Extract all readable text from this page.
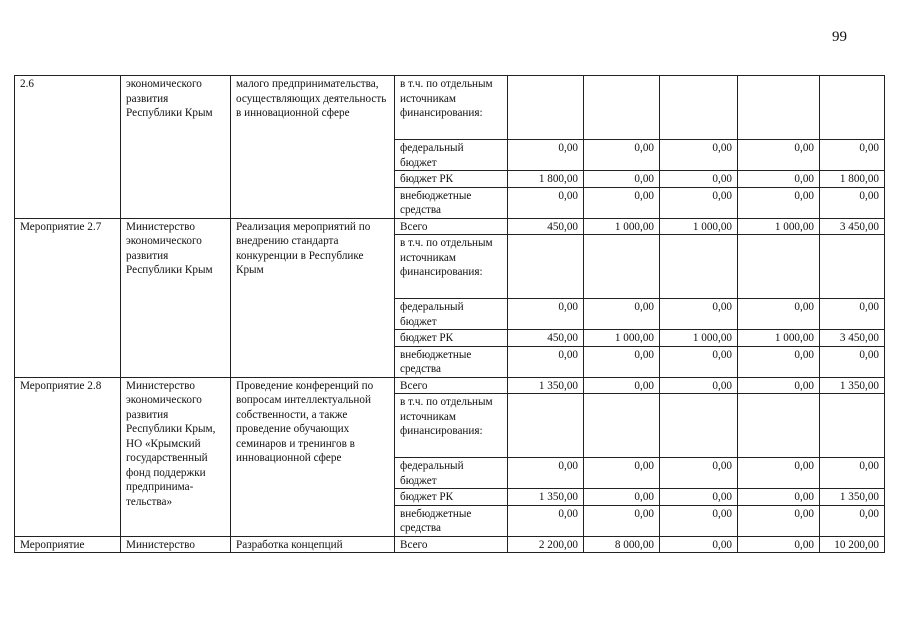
99
2.6	экономического развития Республики Крым	малого предпринимательства, осуществляющих деятельность в инновационной сфере	в т.ч. по отдельным источникам финансирования:					
			федеральный бюджет	0,00	0,00	0,00	0,00	0,00
			бюджет РК	1 800,00	0,00	0,00	0,00	1 800,00
			внебюджетные средства	0,00	0,00	0,00	0,00	0,00
Мероприятие 2.7	Министерство экономического развития Республики Крым	Реализация мероприятий по внедрению стандарта конкуренции в Республике Крым	Всего	450,00	1 000,00	1 000,00	1 000,00	3 450,00
			в т.ч. по отдельным источникам финансирования:					
			федеральный бюджет	0,00	0,00	0,00	0,00	0,00
			бюджет РК	450,00	1 000,00	1 000,00	1 000,00	3 450,00
			внебюджетные средства	0,00	0,00	0,00	0,00	0,00
Мероприятие 2.8	Министерство экономического развития Республики Крым, НО «Крымский государственный фонд поддержки предпринима-тельства»	Проведение конференций по вопросам интеллектуальной собственности, а также проведение обучающих семинаров и тренингов в инновационной сфере	Всего	1 350,00	0,00	0,00	0,00	1 350,00
			в т.ч. по отдельным источникам финансирования:					
			федеральный бюджет	0,00	0,00	0,00	0,00	0,00
			бюджет РК	1 350,00	0,00	0,00	0,00	1 350,00
			внебюджетные средства	0,00	0,00	0,00	0,00	0,00
Мероприятие	Министерство	Разработка концепций	Всего	2 200,00	8 000,00	0,00	0,00	10 200,00
